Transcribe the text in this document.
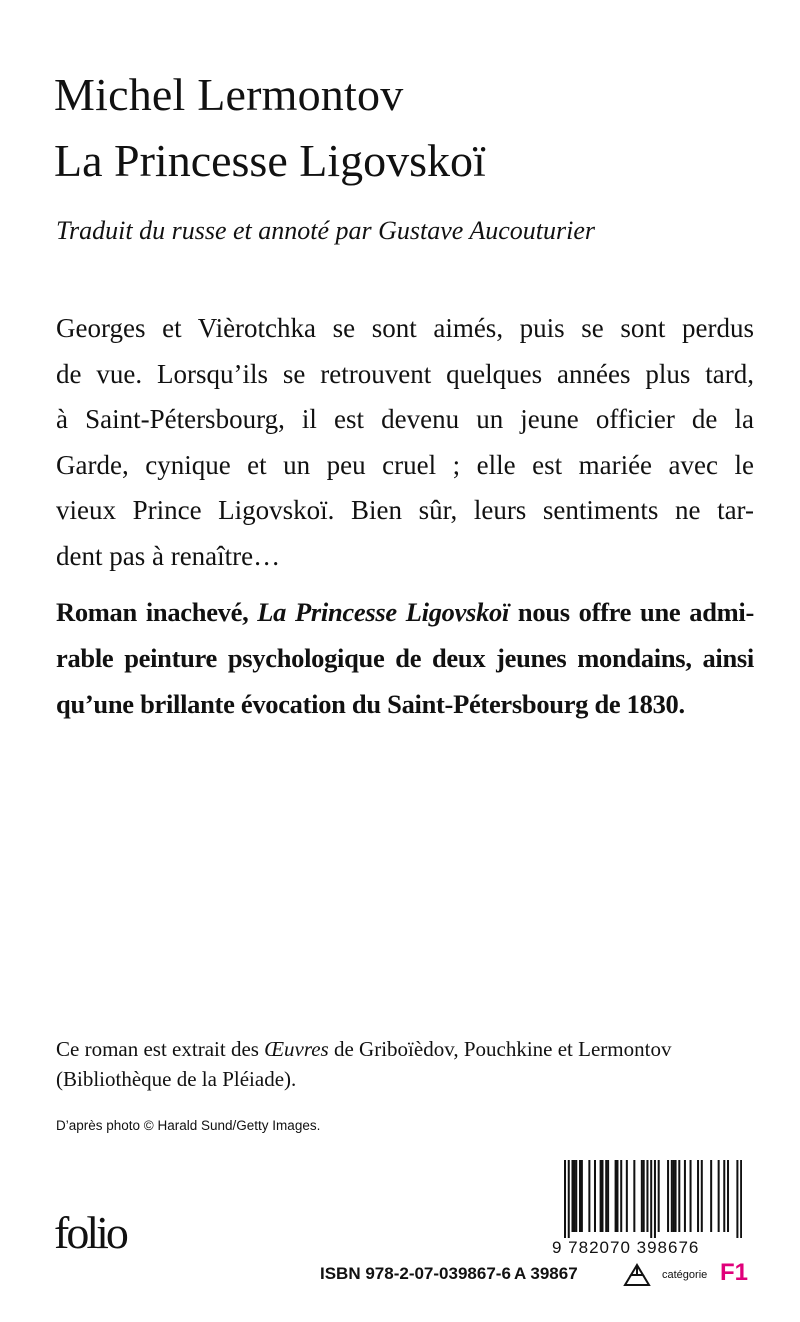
Michel Lermontov
La Princesse Ligovskoï
Traduit du russe et annoté par Gustave Aucouturier
Georges et Vièrotchka se sont aimés, puis se sont perdus
de vue. Lorsqu’ils se retrouvent quelques années plus tard,
à Saint-Pétersbourg, il est devenu un jeune officier de la
Garde, cynique et un peu cruel ; elle est mariée avec le
vieux Prince Ligovskoï. Bien sûr, leurs sentiments ne tar-
dent pas à renaître…
Roman inachevé, La Princesse Ligovskoï nous offre une admi-
rable peinture psychologique de deux jeunes mondains, ainsi
qu’une brillante évocation du Saint-Pétersbourg de 1830.
Ce roman est extrait des Œuvres de Griboïèdov, Pouchkine et Lermontov
(Bibliothèque de la Pléiade).
D’après photo © Harald Sund/Getty Images.
folio	9 782070 398676
ISBN 978-2-07-039867-6 A 39867	catégorie F1
